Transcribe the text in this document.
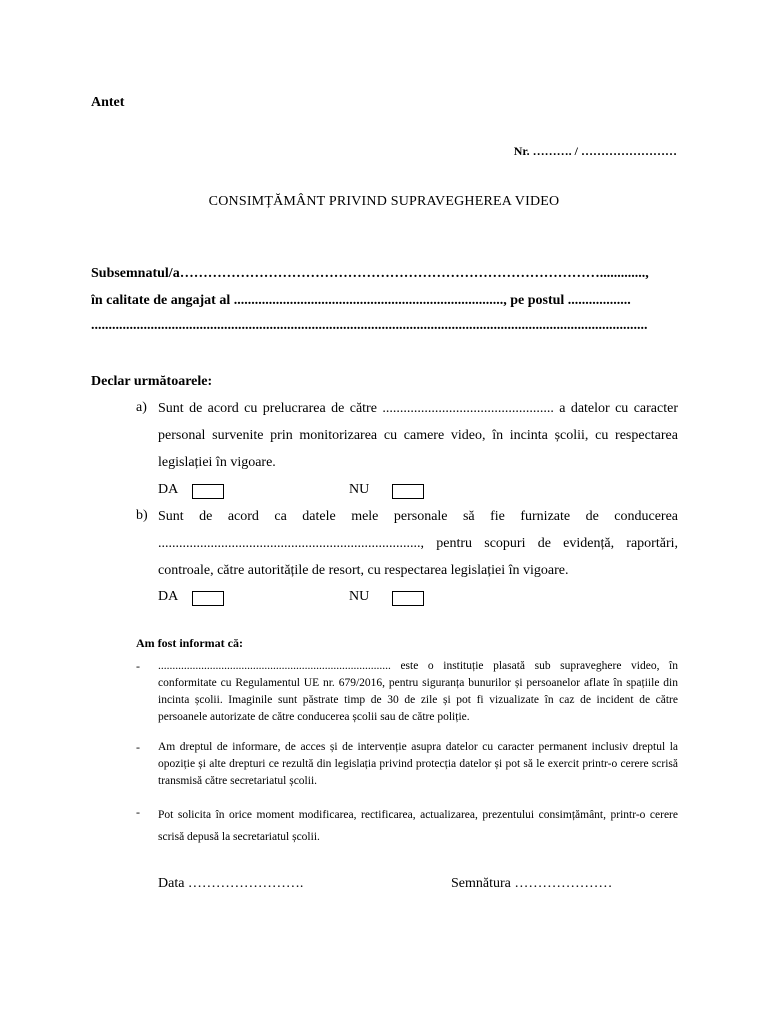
Antet
Nr. ………. / ……………………
CONSIMȚĂMÂNT PRIVIND SUPRAVEGHEREA VIDEO
Subsemnatul/a……………………………………………………………………………….............,
în calitate de angajat al ............................................................................., pe postul ..................
...............................................................................................................................................................
Declar următoarele:
a) Sunt de acord cu prelucrarea de către ................................................. a datelor cu caracter personal survenite prin monitorizarea cu camere video, în incinta școlii, cu respectarea legislației în vigoare.
DA	NU
b) Sunt de acord ca datele mele personale să fie furnizate de conducerea ..........................................................................., pentru scopuri de evidență, raportări, controale, către autoritățile de resort, cu respectarea legislației în vigoare.
DA	NU
Am fost informat că:
- ................................................................................. este o instituție plasată sub supraveghere video, în conformitate cu Regulamentul UE nr. 679/2016, pentru siguranța bunurilor și persoanelor aflate în spațiile din incinta școlii. Imaginile sunt păstrate timp de 30 de zile și pot fi vizualizate în caz de incident de către persoanele autorizate de către conducerea școlii sau de către poliție.
- Am dreptul de informare, de acces și de intervenție asupra datelor cu caracter permanent inclusiv dreptul la opoziție și alte drepturi ce rezultă din legislația privind protecția datelor și pot să le exercit printr-o cerere scrisă transmisă către secretariatul școlii.
- Pot solicita în orice moment modificarea, rectificarea, actualizarea, prezentului consimțământ, printr-o cerere scrisă depusă la secretariatul școlii.
Data …………………….	Semnătura …………………
